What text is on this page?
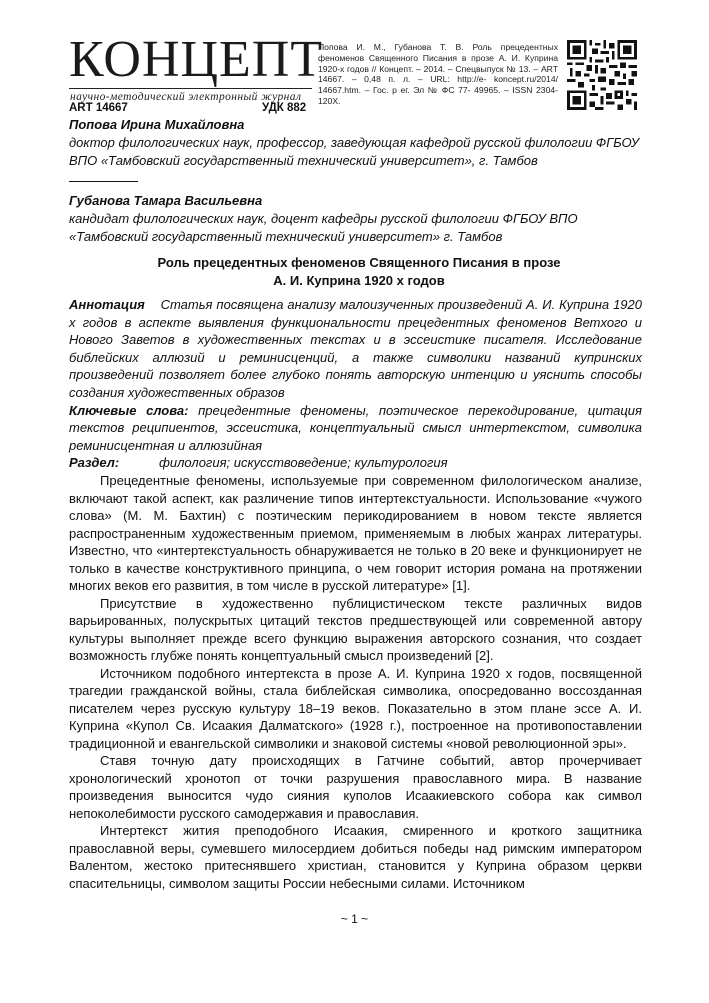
КОНЦЕПТ
научно-методический электронный журнал
Попова И. М., Губанова Т. В. Роль прецедентных феноменов Священного Писания в прозе А. И. Куприна 1920-х годов // Концепт. – 2014. – Спецвыпуск № 13. – ART 14667. – 0,48 п. л. – URL: http://e- koncept.ru/2014/ 14667.htm. – Гос. р ег. Эл № ФС 77- 49965. – ISSN 2304-120X.
ART 14667	УДК 882
Попова Ирина Михайловна
доктор филологических наук, профессор, заведующая кафедрой русской филологии ФГБОУ ВПО «Тамбовский государственный технический университет», г. Тамбов
Губанова Тамара Васильевна
кандидат филологических наук, доцент кафедры русской филологии ФГБОУ ВПО «Тамбовский государственный технический университет» г. Тамбов
Роль прецедентных феноменов Священного Писания в прозе
А. И. Куприна 1920 х годов

Аннотация Статья посвящена анализу малоизученных произведений А. И. Куприна 1920 х годов в аспекте выявления функциональности прецедентных феноменов Ветхого и Нового Заветов в художественных текстах и в эссеистике писателя. Исследование библейских аллюзий и реминисценций, а также символики названий купринских произведений позволяет более глубоко понять авторскую интенцию и уяснить способы создания художественных образов

Ключевые слова: прецедентные феномены, поэтическое перекодирование, цитация текстов реципиентов, эссеистика, концептуальный смысл интертекстом, символика реминисцентная и аллюзийная

Раздел:	филология; искусствоведение; культурология

Прецедентные феномены, используемые при современном филологическом анализе, включают такой аспект, как различение типов интертекстуальности. Использование «чужого слова» (М. М. Бахтин) с поэтическим перикодированием в новом тексте является распространенным художественным приемом, применяемым в любых жанрах литературы. Известно, что «интертекстуальность обнаруживается не только в 20 веке и функционирует не только в качестве конструктивного принципа, о чем говорит история романа на протяжении многих веков его развития, в том числе в русской литературе» [1].

Присутствие в художественно публицистическом тексте различных видов варьированных, полускрытых цитаций текстов предшествующей или современной автору культуры выполняет прежде всего функцию выражения авторского сознания, что создает возможность глубже понять концептуальный смысл произведений [2].

Источником подобного интертекста в прозе А. И. Куприна 1920 х годов, посвященной трагедии гражданской войны, стала библейская символика, опосредованно воссозданная писателем через русскую культуру 18–19 веков. Показательно в этом плане эссе А. И. Куприна «Купол Св. Исаакия Далматского» (1928 г.), построенное на противопоставлении традиционной и евангельской символики и знаковой системы «новой революционной эры».

Ставя точную дату происходящих в Гатчине событий, автор прочерчивает хронологический хронотоп от точки разрушения православного мира. В название произведения выносится чудо сияния куполов Исаакиевского собора как символ непоколебимости русского самодержавия и православия.

Интертекст жития преподобного Исаакия, смиренного и кроткого защитника православной веры, сумевшего милосердием добиться победы над римским императором Валентом, жестоко притеснявшего христиан, становится у Куприна образом церкви спасительницы, символом защиты России небесными силами. Источником

~ 1 ~
